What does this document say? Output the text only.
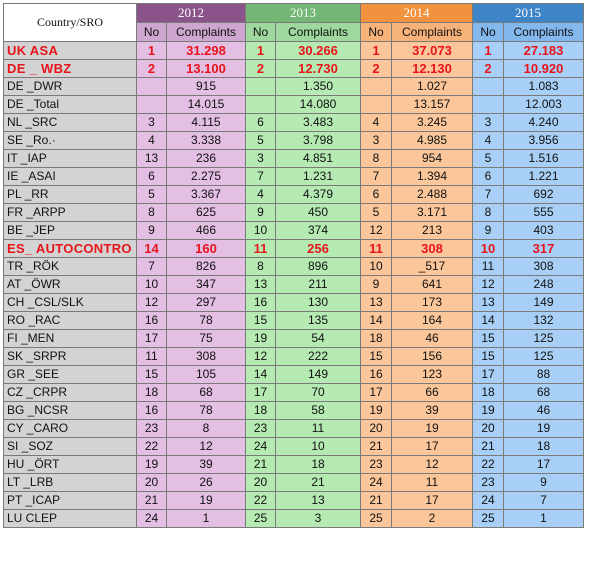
Country/SRO	2012		2013		2014		2015	
	No	Complaints	No	Complaints	No	Complaints	No	Complaints
UK ASA	1	31.298	1	30.266	1	37.073	1	27.183
DE _ WBZ	2	13.100	2	12.730	2	12.130	2	10.920
DE _DWR		915		1.350		1.027		1.083
DE _Total		14.015		14.080		13.157		12.003
NL _SRC	3	4.115	6	3.483	4	3.245	3	4.240
SE _Ro.·	4	3.338	5	3.798	3	4.985	4	3.956
IT _IAP	13	236	3	4.851	8	954	5	1.516
IE _ASAI	6	2.275	7	1.231	7	1.394	6	1.221
PL _RR	5	3.367	4	4.379	6	2.488	7	692
FR _ARPP	8	625	9	450	5	3.171	8	555
BE _JEP	9	466	10	374	12	213	9	403
ES_ AUTOCONTRO	14	160	11	256	11	308	10	317
TR _RÖK	7	826	8	896	10	_517	11	308
AT _ÖWR	10	347	13	211	9	641	12	248
CH _CSL/SLK	12	297	16	130	13	173	13	149
RO _RAC	16	78	15	135	14	164	14	132
FI _MEN	17	75	19	54	18	46	15	125
SK _SRPR	11	308	12	222	15	156	15	125
GR _SEE	15	105	14	149	16	123	17	88
CZ _CRPR	18	68	17	70	17	66	18	68
BG _NCSR	16	78	18	58	19	39	19	46
CY _CARO	23	8	23	11	20	19	20	19
SI _SOZ	22	12	24	10	21	17	21	18
HU _ÖRT	19	39	21	18	23	12	22	17
LT _LRB	20	26	20	21	24	11	23	9
PT _ICAP	21	19	22	13	21	17	24	7
LU CLEP	24	1	25	3	25	2	25	1
